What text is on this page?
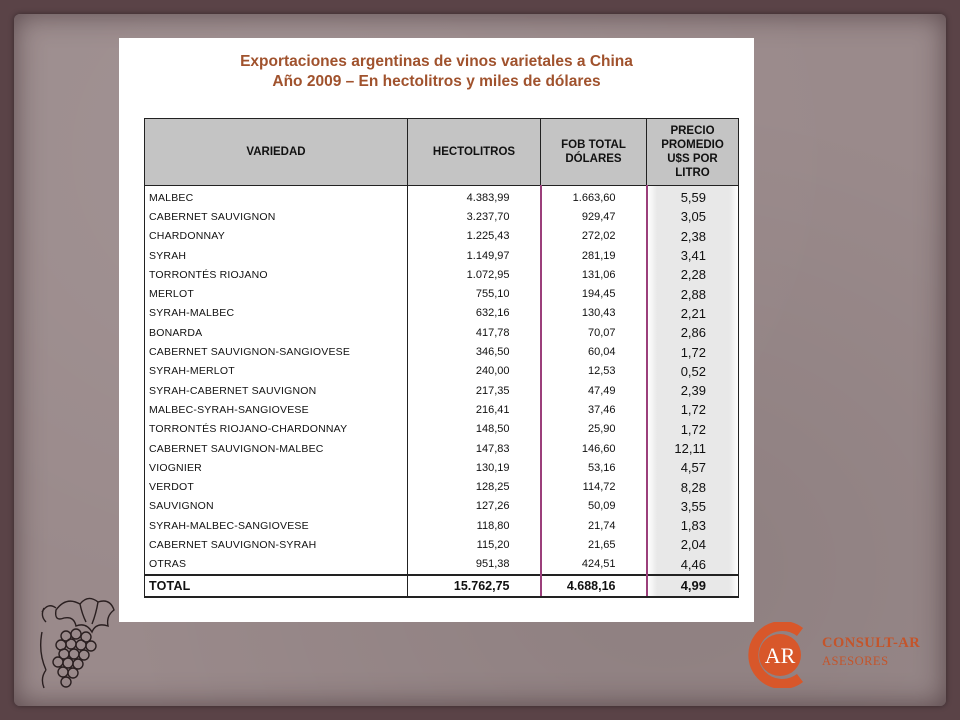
Exportaciones argentinas de vinos varietales a China
Año 2009 – En hectolitros y miles de dólares
VARIEDAD	HECTOLITROS	FOB TOTAL DÓLARES	PRECIO PROMEDIO U$S POR LITRO
MALBEC	4.383,99	1.663,60	5,59
CABERNET SAUVIGNON	3.237,70	929,47	3,05
CHARDONNAY	1.225,43	272,02	2,38
SYRAH	1.149,97	281,19	3,41
TORRONTÉS RIOJANO	1.072,95	131,06	2,28
MERLOT	755,10	194,45	2,88
SYRAH-MALBEC	632,16	130,43	2,21
BONARDA	417,78	70,07	2,86
CABERNET SAUVIGNON-SANGIOVESE	346,50	60,04	1,72
SYRAH-MERLOT	240,00	12,53	0,52
SYRAH-CABERNET SAUVIGNON	217,35	47,49	2,39
MALBEC-SYRAH-SANGIOVESE	216,41	37,46	1,72
TORRONTÉS RIOJANO-CHARDONNAY	148,50	25,90	1,72
CABERNET SAUVIGNON-MALBEC	147,83	146,60	12,11
VIOGNIER	130,19	53,16	4,57
VERDOT	128,25	114,72	8,28
SAUVIGNON	127,26	50,09	3,55
SYRAH-MALBEC-SANGIOVESE	118,80	21,74	1,83
CABERNET SAUVIGNON-SYRAH	115,20	21,65	2,04
OTRAS	951,38	424,51	4,46
TOTAL	15.762,75	4.688,16	4,99
AR CONSULT-AR
ASESORES
